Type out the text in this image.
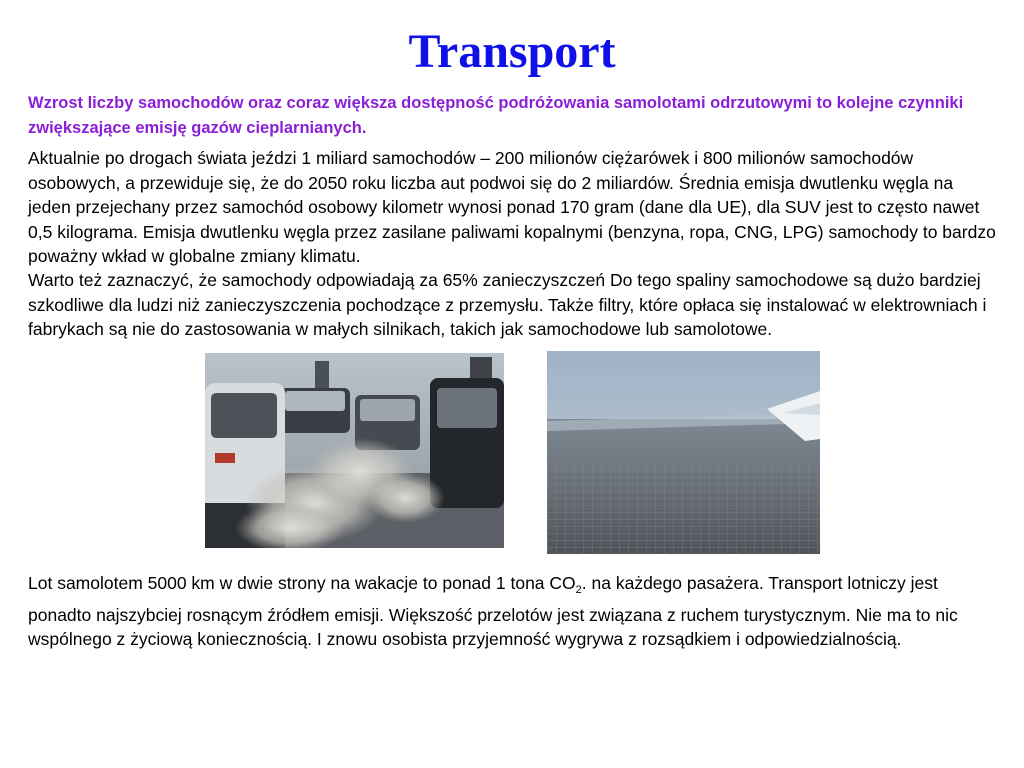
Transport
Wzrost liczby samochodów oraz coraz większa dostępność podróżowania samolotami odrzutowymi to kolejne czynniki zwiększające emisję gazów cieplarnianych.
Aktualnie po drogach świata jeździ 1 miliard samochodów – 200 milionów ciężarówek i 800 milionów samochodów osobowych, a przewiduje się, że do 2050 roku liczba aut podwoi się do 2 miliardów. Średnia emisja dwutlenku węgla na jeden przejechany przez samochód osobowy kilometr wynosi ponad 170 gram (dane dla UE), dla SUV jest to często nawet 0,5 kilograma. Emisja dwutlenku węgla przez zasilane paliwami kopalnymi (benzyna, ropa, CNG, LPG) samochody to bardzo poważny wkład w globalne zmiany klimatu.
Warto też zaznaczyć, że samochody odpowiadają za 65% zanieczyszczeń Do tego spaliny samochodowe są dużo bardziej szkodliwe dla ludzi niż zanieczyszczenia pochodzące z przemysłu. Także filtry, które opłaca się instalować w elektrowniach i fabrykach są nie do zastosowania w małych silnikach, takich jak samochodowe lub samolotowe.
Lot samolotem 5000 km w dwie strony na wakacje to ponad 1 tona $CO_2$. na każdego pasażera. Transport lotniczy jest ponadto najszybciej rosnącym źródłem emisji. Większość przelotów jest związana z ruchem turystycznym. Nie ma to nic wspólnego z życiową koniecznością. I znowu osobista przyjemność wygrywa z rozsądkiem i odpowiedzialnością.
